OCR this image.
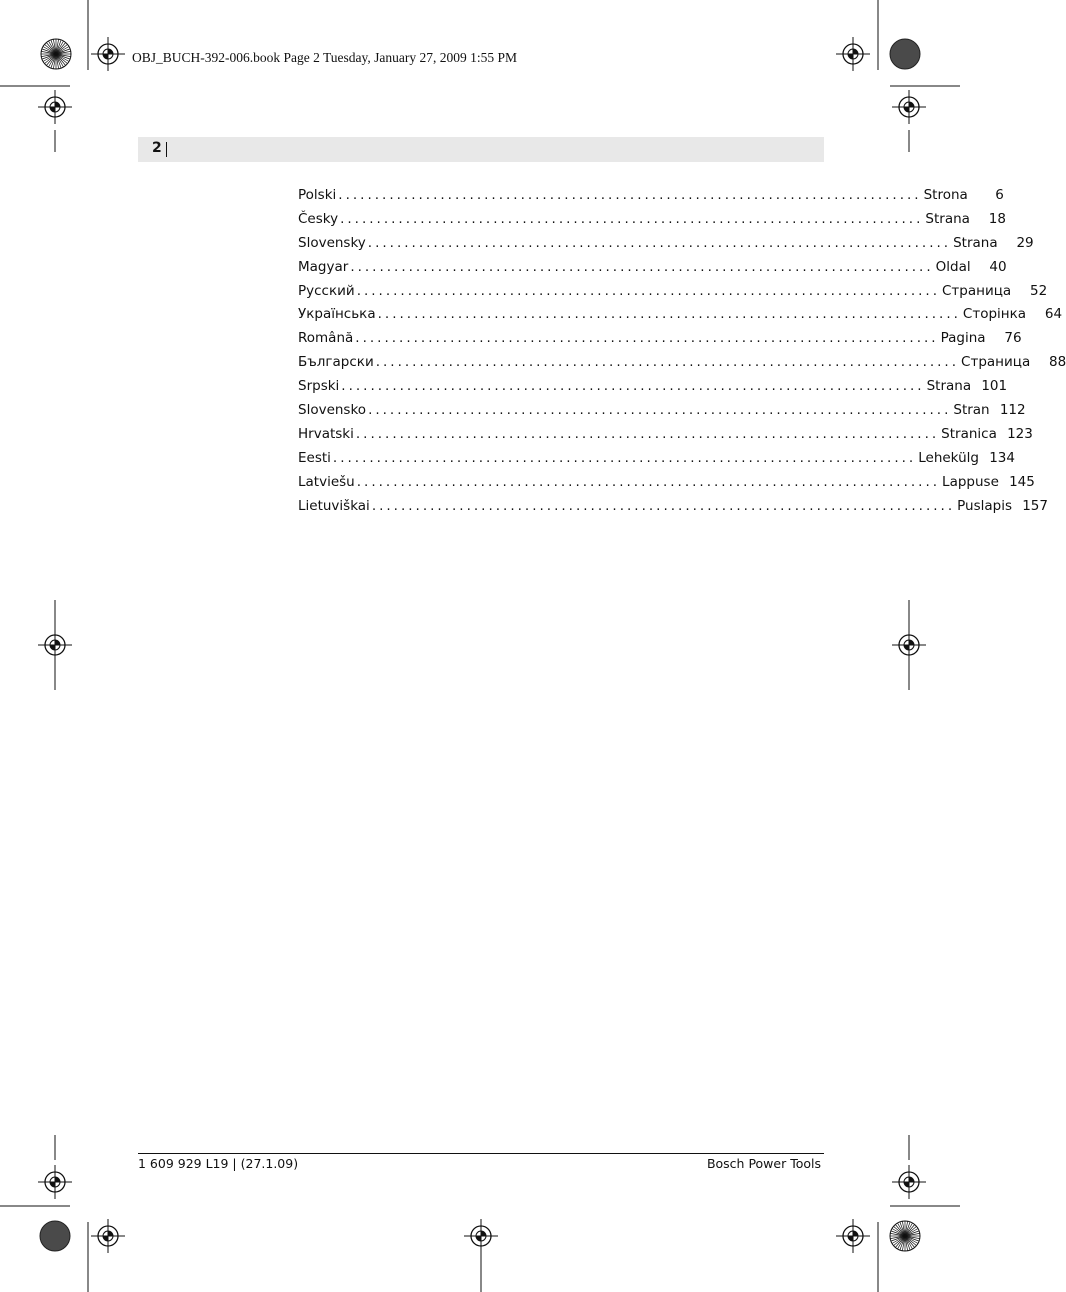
OBJ_BUCH-392-006.book Page 2 Tuesday, January 27, 2009 1:55 PM
2
Polski ................................................................................ Strona	6
Česky ................................................................................ Strana	18
Slovensky ................................................................................ Strana	29
Magyar ................................................................................ Oldal	40
Русский ................................................................................ Страница	52
Українська ................................................................................ Сторінка	64
Română ................................................................................ Pagina	76
Български ................................................................................ Страница	88
Srpski ................................................................................ Strana 101
Slovensko ................................................................................ Stran 112
Hrvatski ................................................................................ Stranica 123
Eesti ................................................................................ Lehekülg 134
Latviešu ................................................................................ Lappuse 145
Lietuviškai ................................................................................ Puslapis 157
1 609 929 L19 | (27.1.09)	Bosch Power Tools
